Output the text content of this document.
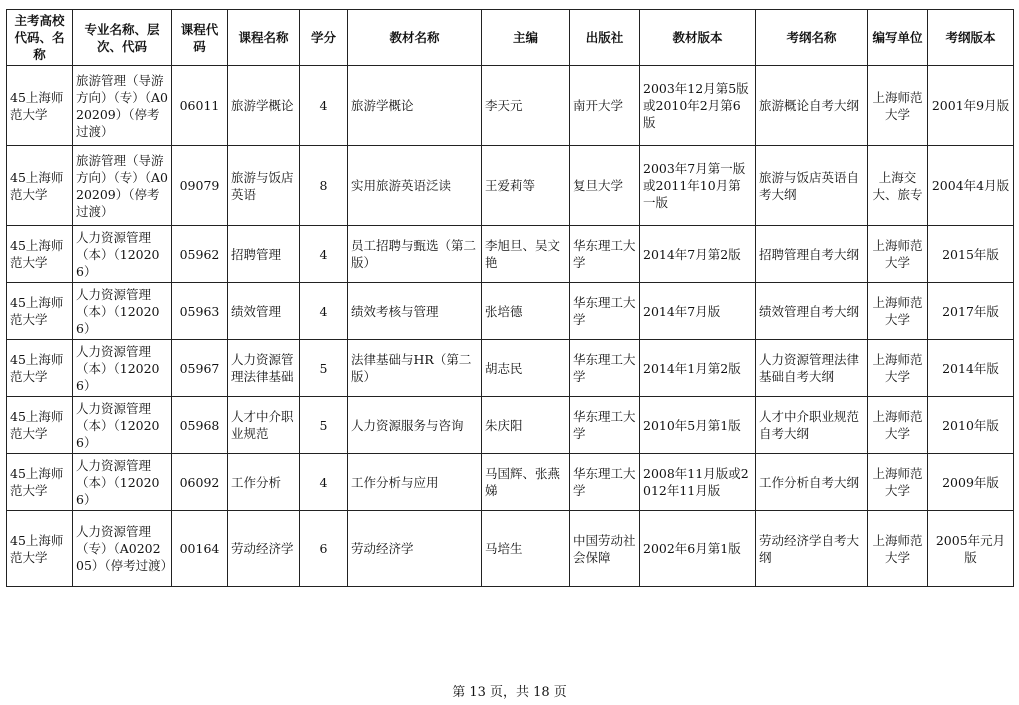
主考高校代码、名称	专业名称、层次、代码	课程代码	课程名称	学分	教材名称	主编	出版社	教材版本	考纲名称	编写单位	考纲版本
45上海师范大学	旅游管理（导游方向）（专）（A020209）（停考过渡）	06011	旅游学概论	4	旅游学概论	李天元	南开大学	2003年12月第5版或2010年2月第6版	旅游概论自考大纲	上海师范大学	2001年9月版
45上海师范大学	旅游管理（导游方向）（专）（A020209）（停考过渡）	09079	旅游与饭店英语	8	实用旅游英语泛读	王爱莉等	复旦大学	2003年7月第一版或2011年10月第一版	旅游与饭店英语自考大纲	上海交大、旅专	2004年4月版
45上海师范大学	人力资源管理（本）（120206）	05962	招聘管理	4	员工招聘与甄选（第二版）	李旭旦、吴文艳	华东理工大学	2014年7月第2版	招聘管理自考大纲	上海师范大学	2015年版
45上海师范大学	人力资源管理（本）（120206）	05963	绩效管理	4	绩效考核与管理	张培德	华东理工大学	2014年7月版	绩效管理自考大纲	上海师范大学	2017年版
45上海师范大学	人力资源管理（本）（120206）	05967	人力资源管理法律基础	5	法律基础与HR（第二版）	胡志民	华东理工大学	2014年1月第2版	人力资源管理法律基础自考大纲	上海师范大学	2014年版
45上海师范大学	人力资源管理（本）（120206）	05968	人才中介职业规范	5	人力资源服务与咨询	朱庆阳	华东理工大学	2010年5月第1版	人才中介职业规范自考大纲	上海师范大学	2010年版
45上海师范大学	人力资源管理（本）（120206）	06092	工作分析	4	工作分析与应用	马国辉、张燕娣	华东理工大学	2008年11月版或2012年11月版	工作分析自考大纲	上海师范大学	2009年版
45上海师范大学	人力资源管理（专）（A020205）（停考过渡）	00164	劳动经济学	6	劳动经济学	马培生	中国劳动社会保障	2002年6月第1版	劳动经济学自考大纲	上海师范大学	2005年元月版
第 13 页，共 18 页
